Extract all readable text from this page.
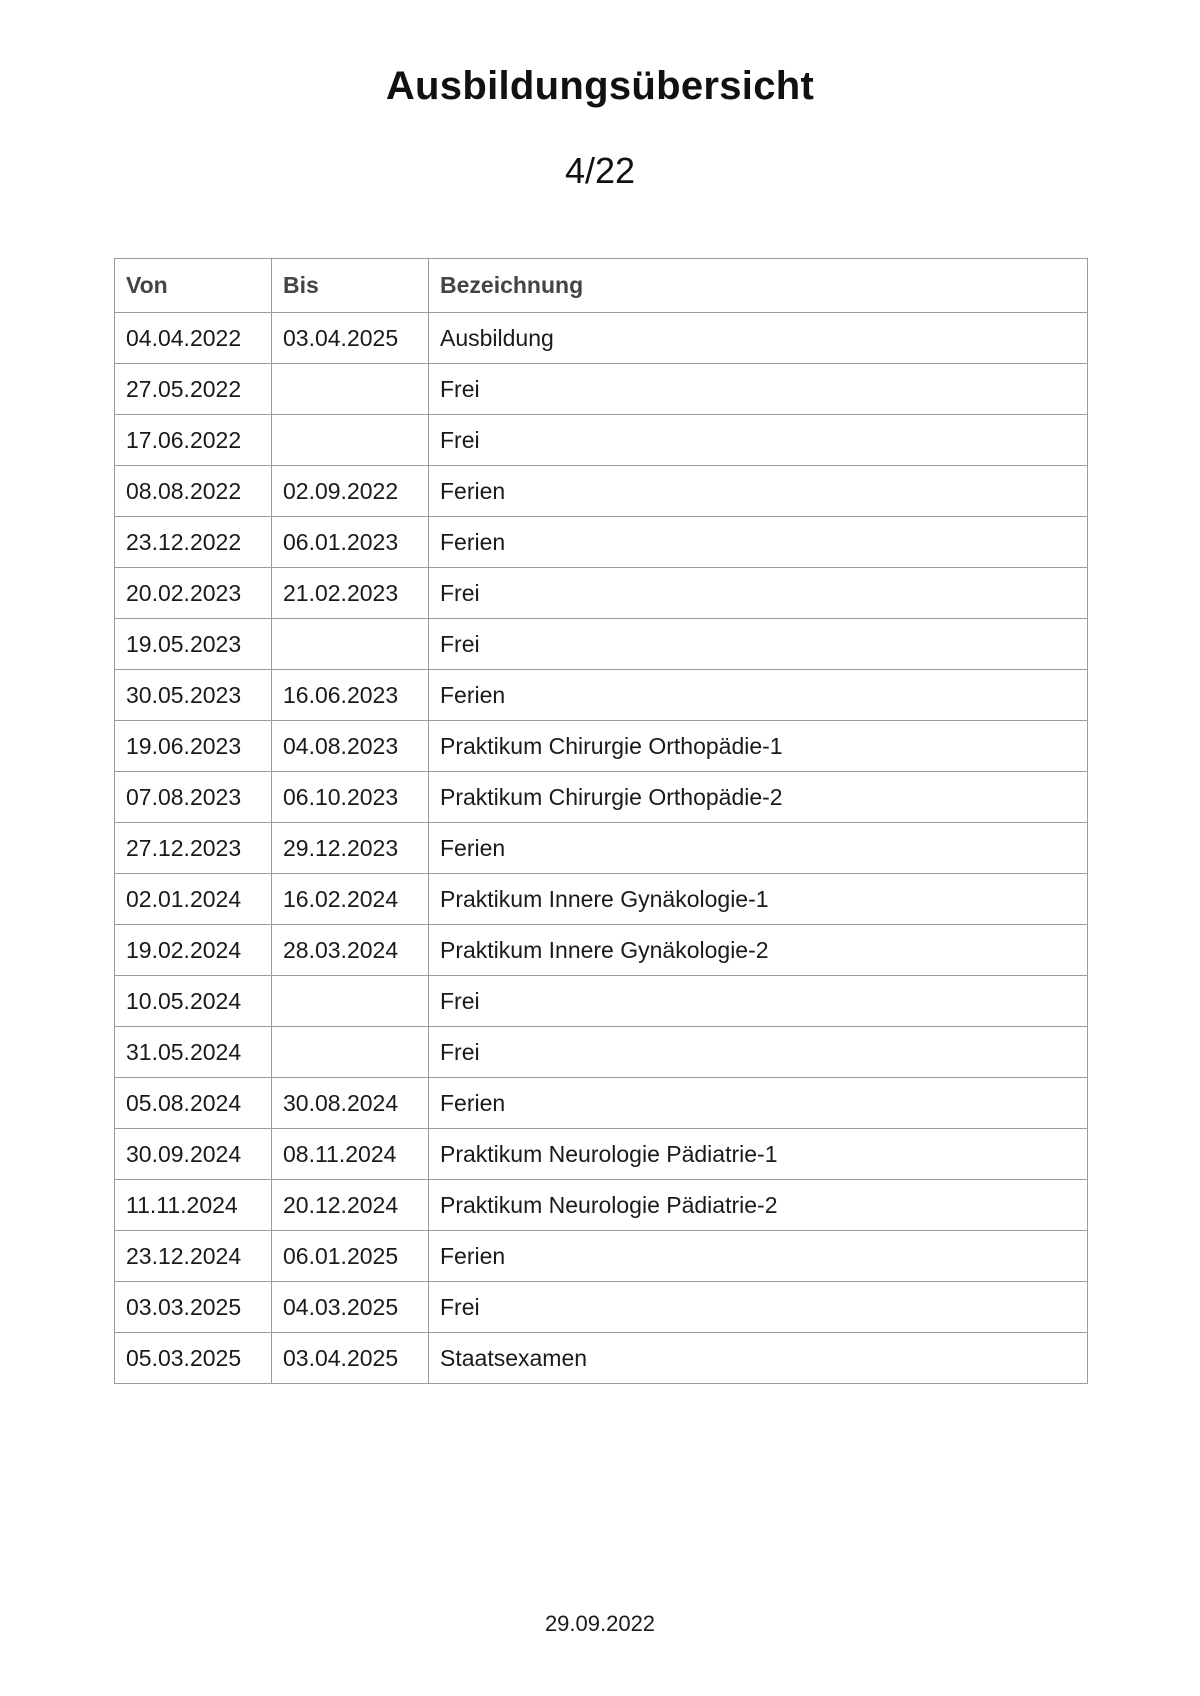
Ausbildungsübersicht
4/22
Von	Bis	Bezeichnung
04.04.2022	03.04.2025	Ausbildung
27.05.2022		Frei
17.06.2022		Frei
08.08.2022	02.09.2022	Ferien
23.12.2022	06.01.2023	Ferien
20.02.2023	21.02.2023	Frei
19.05.2023		Frei
30.05.2023	16.06.2023	Ferien
19.06.2023	04.08.2023	Praktikum Chirurgie Orthopädie-1
07.08.2023	06.10.2023	Praktikum Chirurgie Orthopädie-2
27.12.2023	29.12.2023	Ferien
02.01.2024	16.02.2024	Praktikum Innere Gynäkologie-1
19.02.2024	28.03.2024	Praktikum Innere Gynäkologie-2
10.05.2024		Frei
31.05.2024		Frei
05.08.2024	30.08.2024	Ferien
30.09.2024	08.11.2024	Praktikum Neurologie Pädiatrie-1
11.11.2024	20.12.2024	Praktikum Neurologie Pädiatrie-2
23.12.2024	06.01.2025	Ferien
03.03.2025	04.03.2025	Frei
05.03.2025	03.04.2025	Staatsexamen
29.09.2022
